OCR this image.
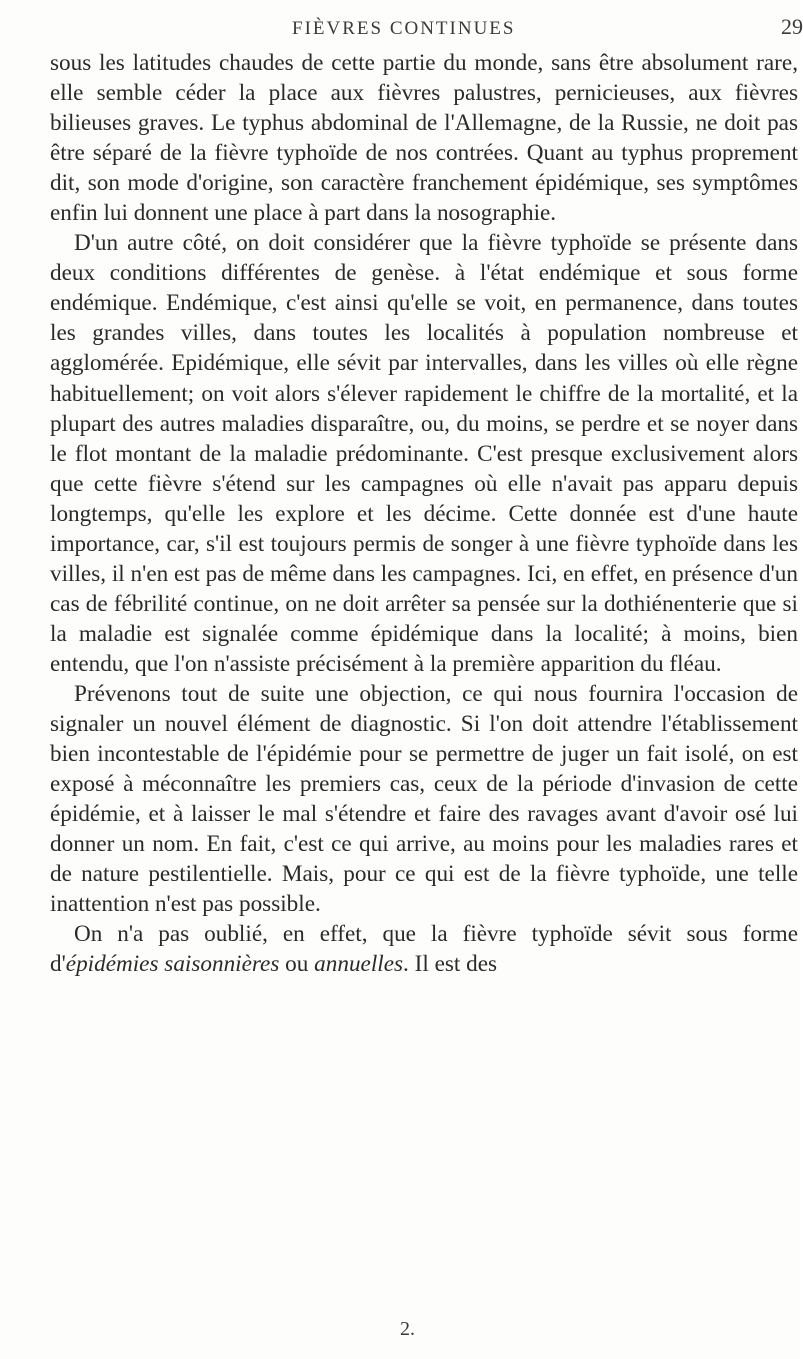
FIÈVRES CONTINUES	29

sous les latitudes chaudes de cette partie du monde, sans être absolument rare, elle semble céder la place aux fièvres palustres, pernicieuses, aux fièvres bilieuses graves. Le typhus abdominal de l'Allemagne, de la Russie, ne doit pas être séparé de la fièvre typhoïde de nos contrées. Quant au typhus proprement dit, son mode d'origine, son caractère franchement épidémique, ses symptômes enfin lui donnent une place à part dans la nosographie.

D'un autre côté, on doit considérer que la fièvre typhoïde se présente dans deux conditions différentes de genèse. à l'état endémique et sous forme endémique. Endémique, c'est ainsi qu'elle se voit, en permanence, dans toutes les grandes villes, dans toutes les localités à population nombreuse et agglomérée. Epidémique, elle sévit par intervalles, dans les villes où elle règne habituellement; on voit alors s'élever rapidement le chiffre de la mortalité, et la plupart des autres maladies disparaître, ou, du moins, se perdre et se noyer dans le flot montant de la maladie prédominante. C'est presque exclusivement alors que cette fièvre s'étend sur les campagnes où elle n'avait pas apparu depuis longtemps, qu'elle les explore et les décime. Cette donnée est d'une haute importance, car, s'il est toujours permis de songer à une fièvre typhoïde dans les villes, il n'en est pas de même dans les campagnes. Ici, en effet, en présence d'un cas de fébrilité continue, on ne doit arrêter sa pensée sur la dothiénenterie que si la maladie est signalée comme épidémique dans la localité; à moins, bien entendu, que l'on n'assiste précisément à la première apparition du fléau.

Prévenons tout de suite une objection, ce qui nous fournira l'occasion de signaler un nouvel élément de diagnostic. Si l'on doit attendre l'établissement bien incontestable de l'épidémie pour se permettre de juger un fait isolé, on est exposé à méconnaître les premiers cas, ceux de la période d'invasion de cette épidémie, et à laisser le mal s'étendre et faire des ravages avant d'avoir osé lui donner un nom. En fait, c'est ce qui arrive, au moins pour les maladies rares et de nature pestilentielle. Mais, pour ce qui est de la fièvre typhoïde, une telle inattention n'est pas possible.

On n'a pas oublié, en effet, que la fièvre typhoïde sévit sous forme d'épidémies saisonnières ou annuelles. Il est des

2.
